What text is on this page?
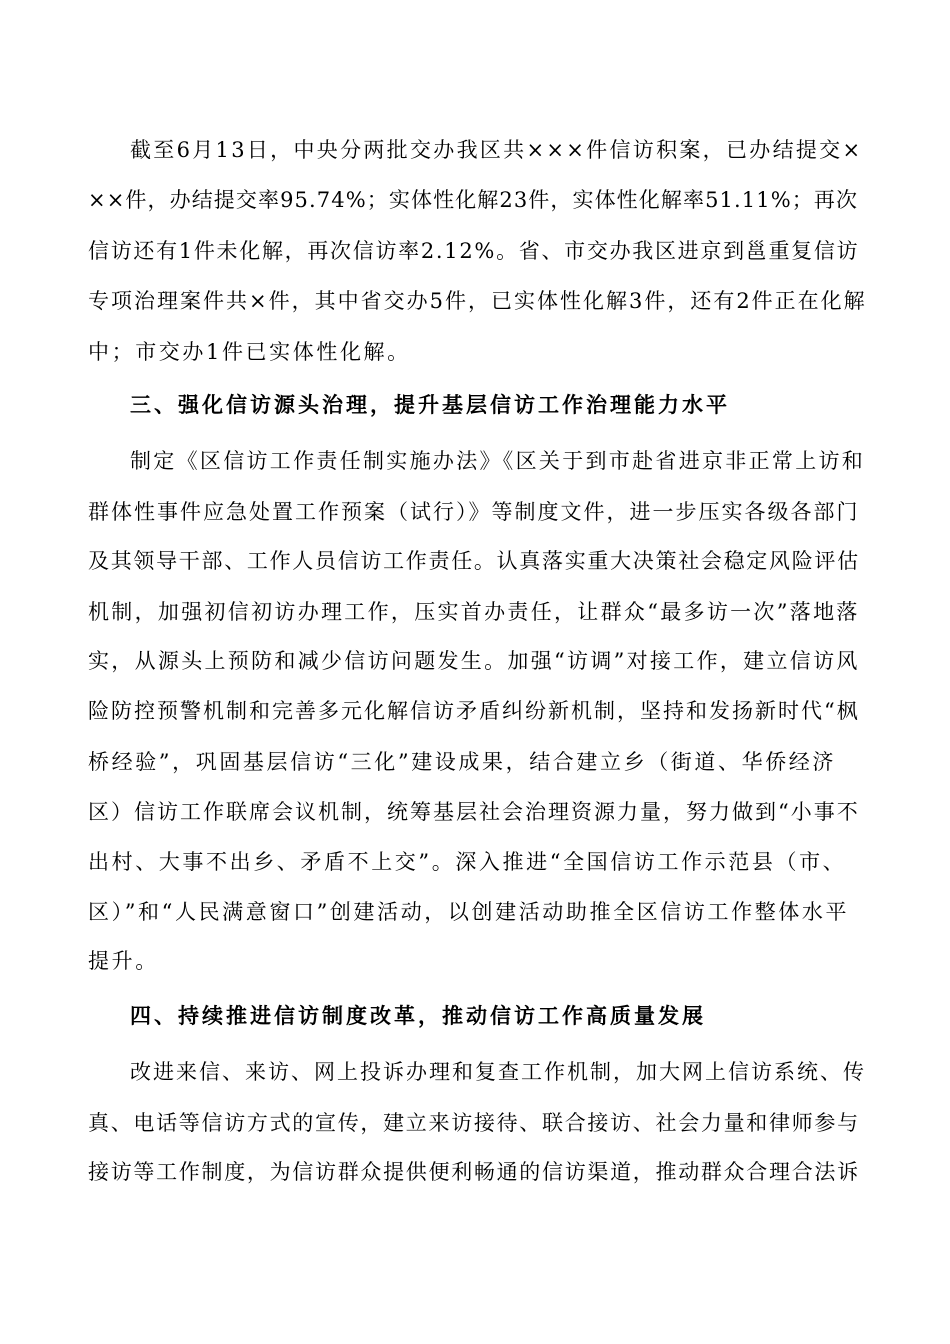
截至6月13日，中央分两批交办我区共×××件信访积案，已办结提交×
××件，办结提交率95.74%；实体性化解23件，实体性化解率51.11%；再次
信访还有1件未化解，再次信访率2.12%。省、市交办我区进京到邕重复信访
专项治理案件共×件，其中省交办5件，已实体性化解3件，还有2件正在化解
中；市交办1件已实体性化解。
三、强化信访源头治理，提升基层信访工作治理能力水平
制定《区信访工作责任制实施办法》《区关于到市赴省进京非正常上访和
群体性事件应急处置工作预案（试行）》等制度文件，进一步压实各级各部门
及其领导干部、工作人员信访工作责任。认真落实重大决策社会稳定风险评估
机制，加强初信初访办理工作，压实首办责任，让群众“最多访一次”落地落
实，从源头上预防和减少信访问题发生。加强“访调”对接工作，建立信访风
险防控预警机制和完善多元化解信访矛盾纠纷新机制，坚持和发扬新时代“枫
桥经验”，巩固基层信访“三化”建设成果，结合建立乡（街道、华侨经济
区）信访工作联席会议机制，统筹基层社会治理资源力量，努力做到“小事不
出村、大事不出乡、矛盾不上交”。深入推进“全国信访工作示范县（市、
区）”和“人民满意窗口”创建活动，以创建活动助推全区信访工作整体水平
提升。
四、持续推进信访制度改革，推动信访工作高质量发展
改进来信、来访、网上投诉办理和复查工作机制，加大网上信访系统、传
真、电话等信访方式的宣传，建立来访接待、联合接访、社会力量和律师参与
接访等工作制度，为信访群众提供便利畅通的信访渠道，推动群众合理合法诉
